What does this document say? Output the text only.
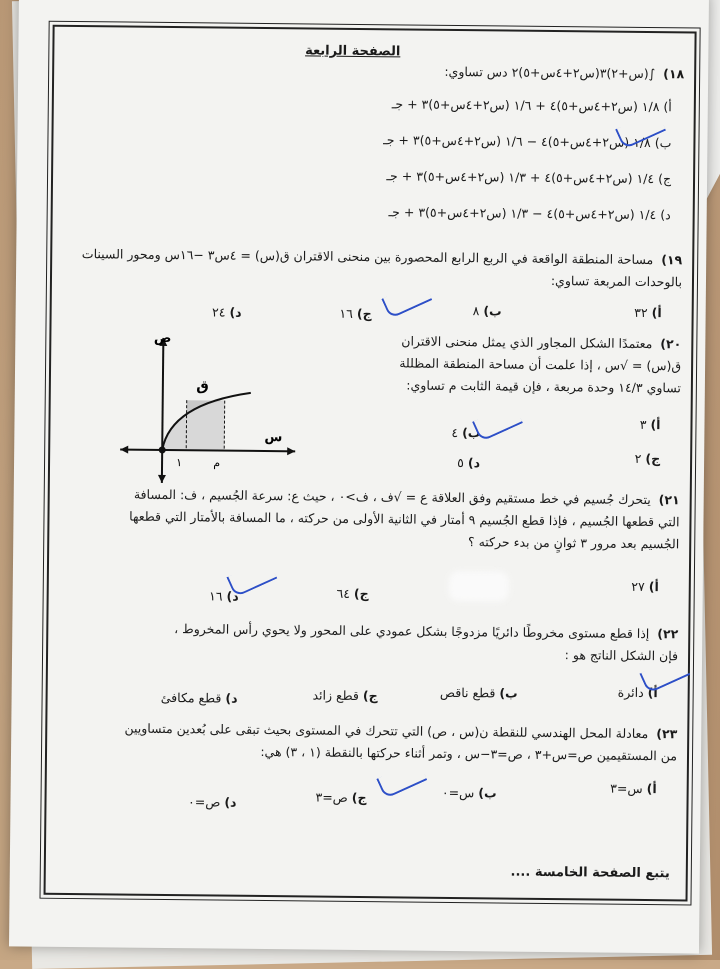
الصفحة الرابعة
١٨) ∫(س+٢)٣(س٢+٤س+٥)٢ دس تساوي:
أ) ١/٨ (س٢+٤س+٥)٤ + ١/٦ (س٢+٤س+٥)٣ + جـ
ب) ١/٨ (س٢+٤س+٥)٤ − ١/٦ (س٢+٤س+٥)٣ + جـ
ج) ١/٤ (س٢+٤س+٥)٤ + ١/٣ (س٢+٤س+٥)٣ + جـ
د) ١/٤ (س٢+٤س+٥)٤ − ١/٣ (س٢+٤س+٥)٣ + جـ
١٩) مساحة المنطقة الواقعة في الربع الرابع المحصورة بين منحنى الاقتران ق(س) = ٤س٣ −١٦س ومحور السينات
بالوحدات المربعة تساوي:
أ)٣٢
ب)٨
ج)١٦
د)٢٤
٢٠) معتمدًا الشكل المجاور الذي يمثل منحنى الاقتران
ق(س) = √س ، إذا علمت أن مساحة المنطقة المظللة
تساوي ١٤/٣ وحدة مربعة ، فإن قيمة الثابت م تساوي:
أ)٣
ب)٤
ج)٢
د)٥
ص
س
ق
١	م
٢١) يتحرك جُسيم في خط مستقيم وفق العلاقة ع = √ف ، ف>٠ ، حيث ع: سرعة الجُسيم ، ف: المسافة
التي قطعها الجُسيم ، فإذا قطع الجُسيم ٩ أمتار في الثانية الأولى من حركته ، ما المسافة بالأمتار التي قطعها
الجُسيم بعد مرور ٣ ثوانٍ من بدء حركته ؟
أ)٢٧
ج)٦٤
د)١٦
٢٢) إذا قطع مستوى مخروطًا دائريًا مزدوجًا بشكل عمودي على المحور ولا يحوي رأس المخروط ،
فإن الشكل الناتج هو :
أ)دائرة
ب)قطع ناقص
ج)قطع زائد
د)قطع مكافئ
٢٣) معادلة المحل الهندسي للنقطة ن(س ، ص) التي تتحرك في المستوى بحيث تبقى على بُعدين متساويين
من المستقيمين ص=س+٣ ، ص=٣−س ، وتمر أثناء حركتها بالنقطة (١ ، ٣) هي:
أ)س=٣
ب)س=٠
ج)ص=٣
د)ص=٠
يتبع الصفحة الخامسة ....
